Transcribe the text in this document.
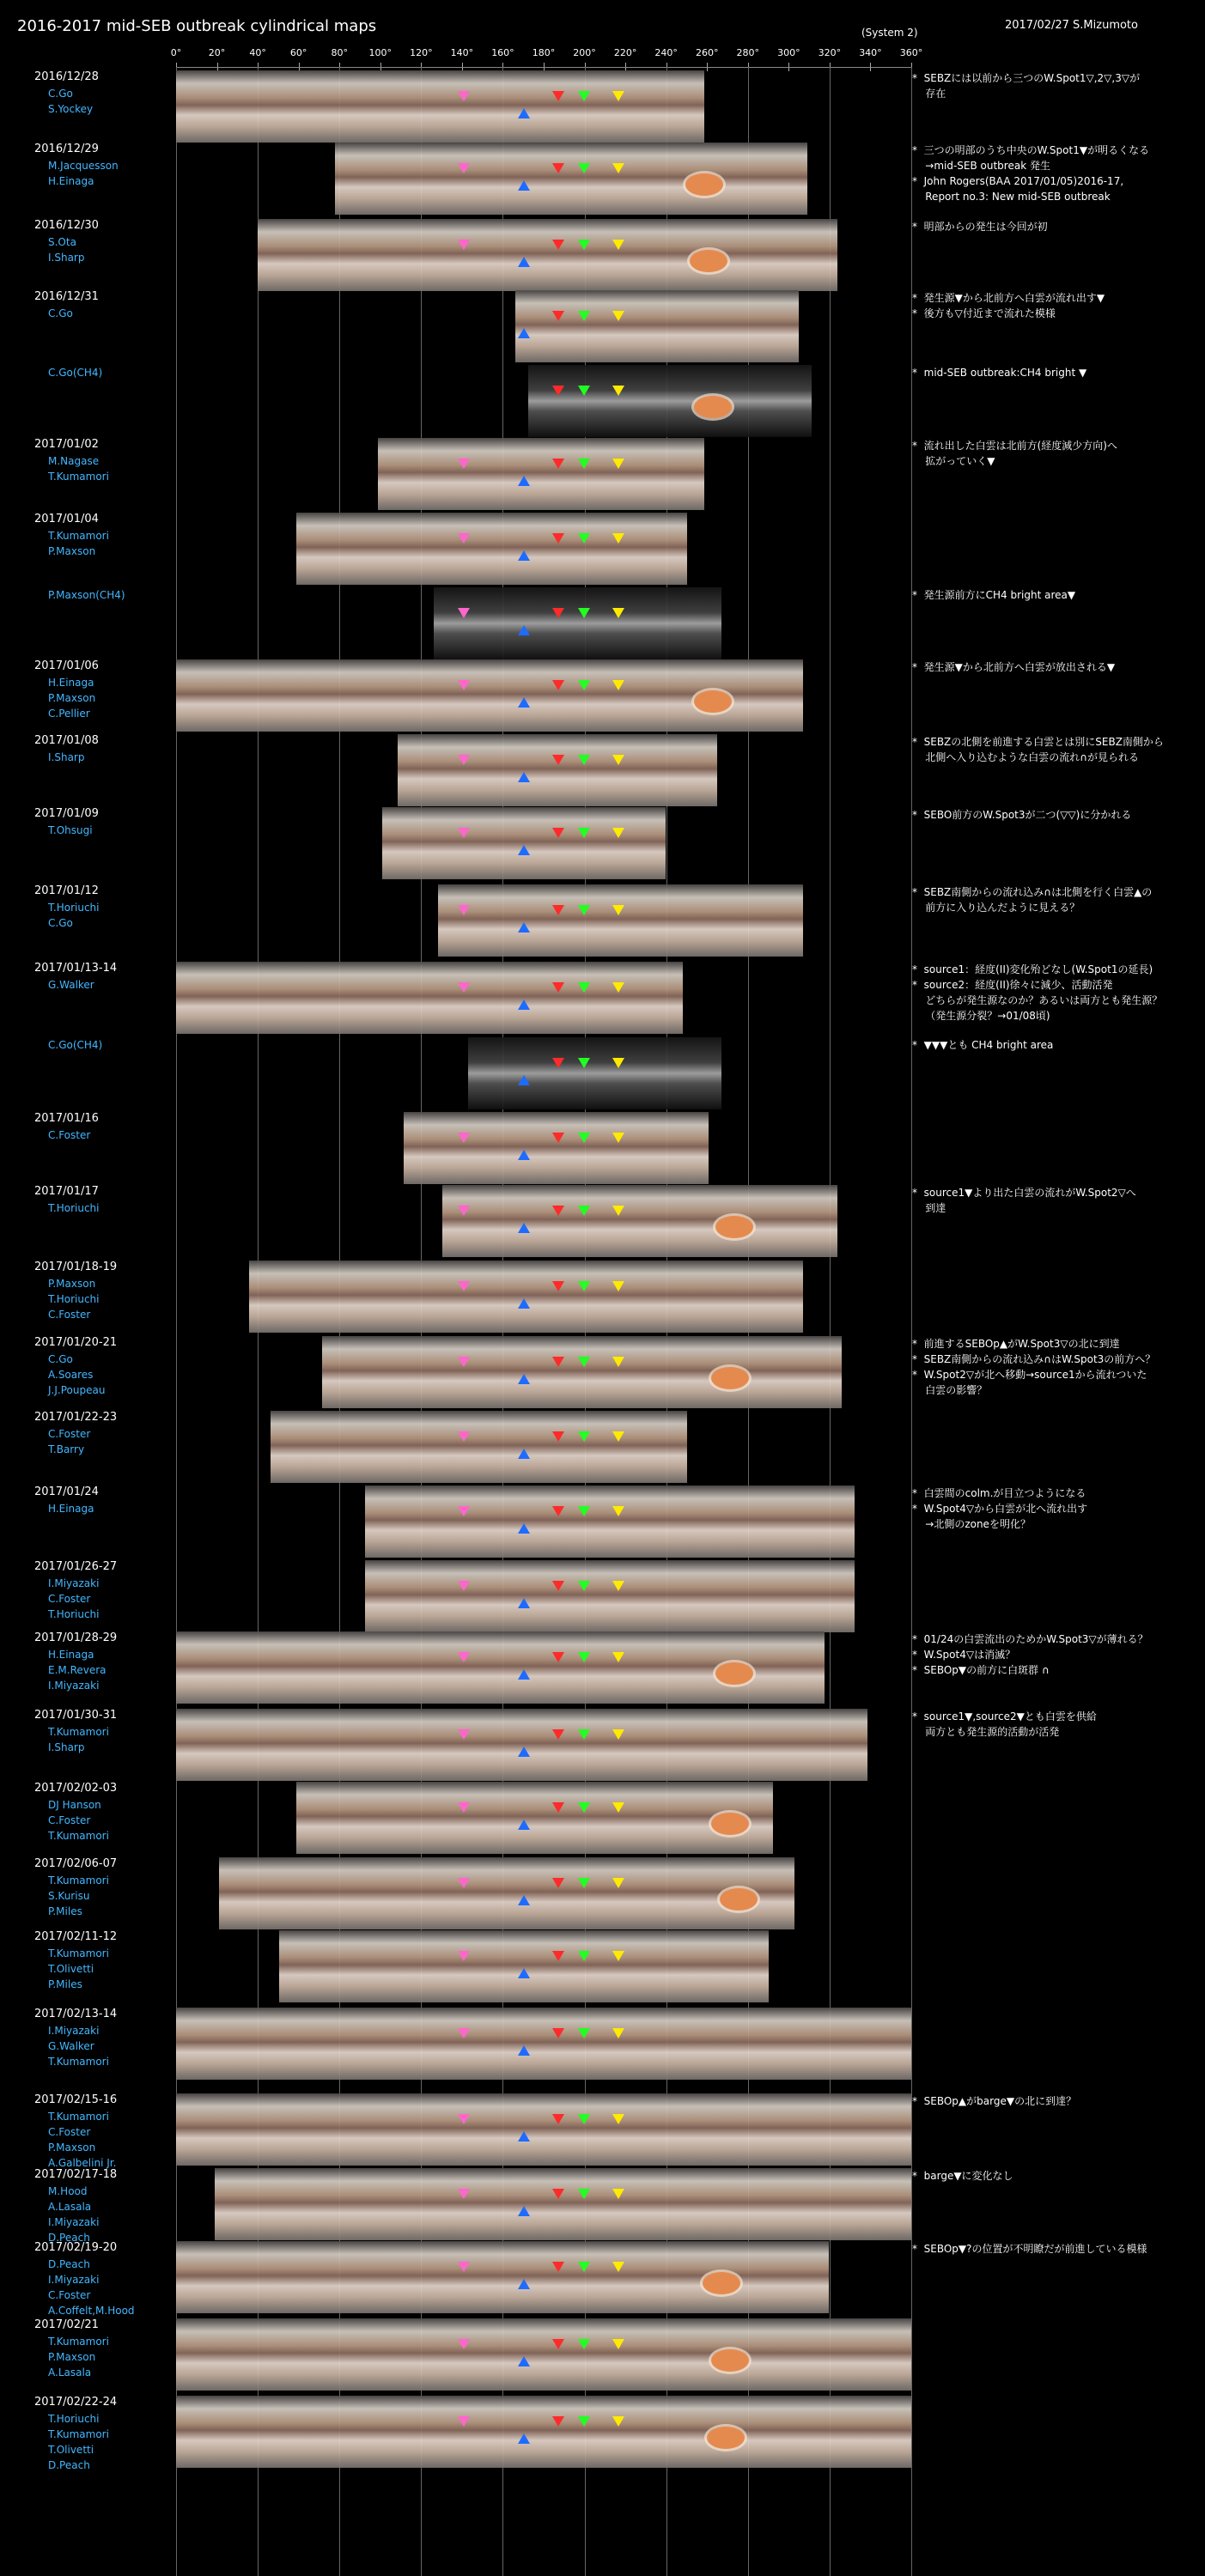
2016-2017 mid-SEB outbreak cylindrical maps	(System 2)
2017/02/27 S.Mizumoto
0°	20°	40°	60°	80° 100° 120° 140° 160° 180° 200° 220° 240° 260° 280° 300° 320° 340° 360°
2016/12/28
C.Go
S.Yockey
*  SEBZには以前から三つのW.Spot1▽,2▽,3▽が
存在
2016/12/29
M.Jacquesson
H.Einaga
*  三つの明部のうち中央のW.Spot1▼が明るくなる
→mid-SEB outbreak 発生
*  John Rogers(BAA 2017/01/05)2016-17,
Report no.3: New mid-SEB outbreak
2016/12/30
S.Ota
I.Sharp
*  明部からの発生は今回が初
2016/12/31
C.Go
*  発生源▼から北前方へ白雲が流れ出す▼
*  後方も▽付近まで流れた模様
C.Go(CH4)	*  mid-SEB outbreak:CH4 bright ▼
2017/01/02
M.Nagase
T.Kumamori
*  流れ出した白雲は北前方(経度減少方向)へ
拡がっていく▼
2017/01/04
T.Kumamori
P.Maxson
P.Maxson(CH4)	*  発生源前方にCH4 bright area▼
2017/01/06
H.Einaga
P.Maxson
C.Pellier
*  発生源▼から北前方へ白雲が放出される▼
2017/01/08
I.Sharp
*  SEBZの北側を前進する白雲とは別にSEBZ南側から
北側へ入り込むような白雲の流れ∩が見られる
2017/01/09
T.Ohsugi
*  SEBO前方のW.Spot3が二つ(▽▽)に分かれる
2017/01/12
T.Horiuchi
C.Go
*  SEBZ南側からの流れ込み∩は北側を行く白雲▲の
前方に入り込んだように見える？
2017/01/13-14
G.Walker
*  source1：経度(II)変化殆どなし(W.Spot1の延長)
*  source2：経度(II)徐々に減少、活動活発
どちらが発生源なのか？あるいは両方とも発生源？
（発生源分裂？→01/08頃)
C.Go(CH4)	*  ▼▼▼とも CH4 bright area
2017/01/16
C.Foster
2017/01/17
T.Horiuchi
*  source1▼より出た白雲の流れがW.Spot2▽へ
到達
2017/01/18-19
P.Maxson
T.Horiuchi
C.Foster
2017/01/20-21
C.Go
A.Soares
J.J.Poupeau
*  前進するSEBOp▲がW.Spot3▽の北に到達
*  SEBZ南側からの流れ込み∩はW.Spot3の前方へ？
*  W.Spot2▽が北へ移動→source1から流れついた
白雲の影響？
2017/01/22-23
C.Foster
T.Barry
2017/01/24
H.Einaga
*  白雲間のcolm.が目立つようになる
*  W.Spot4▽から白雲が北へ流れ出す
→北側のzoneを明化？
2017/01/26-27
I.Miyazaki
C.Foster
T.Horiuchi
2017/01/28-29
H.Einaga
E.M.Revera
I.Miyazaki
*  01/24の白雲流出のためかW.Spot3▽が薄れる？
*  W.Spot4▽は消滅？
*  SEBOp▼の前方に白斑群 ∩
2017/01/30-31
T.Kumamori
I.Sharp
*  source1▼,source2▼とも白雲を供給
両方とも発生源的活動が活発
2017/02/02-03
DJ Hanson
C.Foster
T.Kumamori
2017/02/06-07
T.Kumamori
S.Kurisu
P.Miles
2017/02/11-12
T.Kumamori
T.Olivetti
P.Miles
2017/02/13-14
I.Miyazaki
G.Walker
T.Kumamori
2017/02/15-16
T.Kumamori
C.Foster
P.Maxson
A.Galbelini Jr.
*  SEBOp▲がbarge▼の北に到達？
2017/02/17-18
M.Hood
A.Lasala
I.Miyazaki
D.Peach
*  barge▼に変化なし
2017/02/19-20
D.Peach
I.Miyazaki
C.Foster
A.Coffelt,M.Hood
*  SEBOp▼?の位置が不明瞭だが前進している模様
2017/02/21
T.Kumamori
P.Maxson
A.Lasala
2017/02/22-24
T.Horiuchi
T.Kumamori
T.Olivetti
D.Peach
